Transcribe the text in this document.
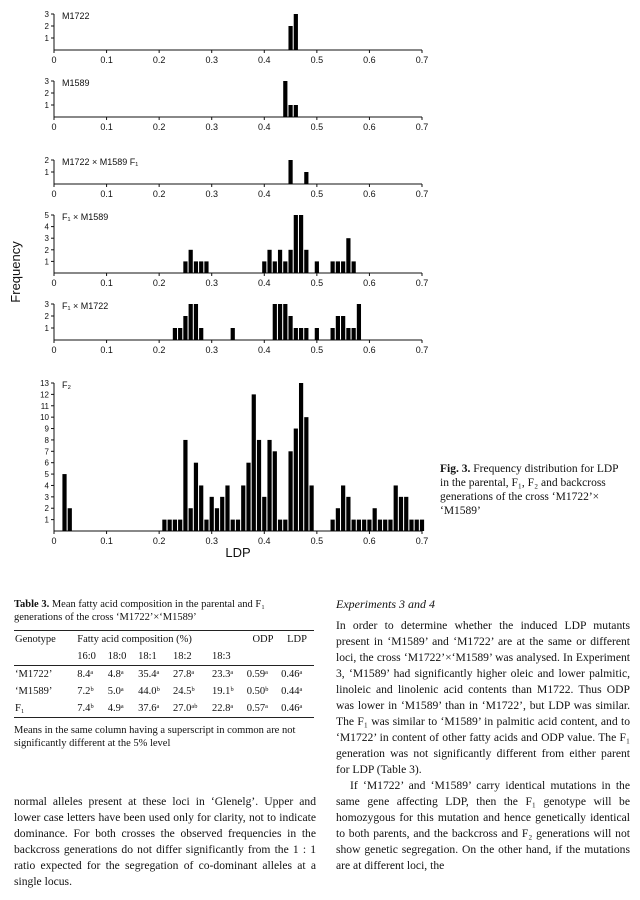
Frequency
LDP
0	0.1	0.2	0.3	0.4	0.5	0.6	0.7
1
2
3 M1722
0	0.1	0.2	0.3	0.4	0.5	0.6	0.7
1
2
3 M1589
0	0.1	0.2	0.3	0.4	0.5	0.6	0.7
1
2 M1722 × M1589 F₁
0	0.1	0.2	0.3	0.4	0.5	0.6	0.7
1
2
3
4
5 F₁ × M1589
0	0.1	0.2	0.3	0.4	0.5	0.6	0.7
1
2
3 F₁ × M1722
0	0.1	0.2	0.3	0.4	0.5	0.6	0.7
1
2
3
4
5
6
7
8
9
10
11
12
13 F₂
Fig. 3. Frequency distribution for LDP in the parental, F₁, F₂ and backcross generations of the cross ‘M1722’× ‘M1589’
Table 3. Mean fatty acid composition in the parental and F₁ generations of the cross ‘M1722’×‘M1589’
Genotype	Fatty acid composition (%)					ODP	LDP
	16:0	18:0	18:1	18:2	18:3		
‘M1722’	8.4ᵃ	4.8ᵃ	35.4ᵃ	27.8ᵃ	23.3ᵃ	0.59ᵃ	0.46ᵃ
‘M1589’	7.2ᵇ	5.0ᵃ	44.0ᵇ	24.5ᵇ	19.1ᵇ	0.50ᵇ	0.44ᵃ
F₁	7.4ᵇ	4.9ᵃ	37.6ᵃ	27.0ᵃᵇ	22.8ᵃ	0.57ᵃ	0.46ᵃ
Means in the same column having a superscript in common are not significantly different at the 5% level
normal alleles present at these loci in ‘Glenelg’. Upper and lower case letters have been used only for clarity, not to indicate dominance. For both crosses the observed frequencies in the backcross generations do not differ significantly from the 1 : 1 ratio expected for the segregation of co-dominant alleles at a single locus.
Experiments 3 and 4

In order to determine whether the induced LDP mutants present in ‘M1589’ and ‘M1722’ are at the same or different loci, the cross ‘M1722’×‘M1589’ was analysed. In Experiment 3, ‘M1589’ had significantly higher oleic and lower palmitic, linoleic and linolenic acid contents than M1722. Thus ODP was lower in ‘M1589’ than in ‘M1722’, but LDP was similar. The F₁ was similar to ‘M1589’ in palmitic acid content, and to ‘M1722’ in content of other fatty acids and ODP value. The F₁ generation was not significantly different from either parent for LDP (Table 3).

If ‘M1722’ and ‘M1589’ carry identical mutations in the same gene affecting LDP, then the F₁ genotype will be homozygous for this mutation and hence genetically identical to both parents, and the backcross and F₂ generations will not show genetic segregation. On the other hand, if the mutations are at different loci, the
